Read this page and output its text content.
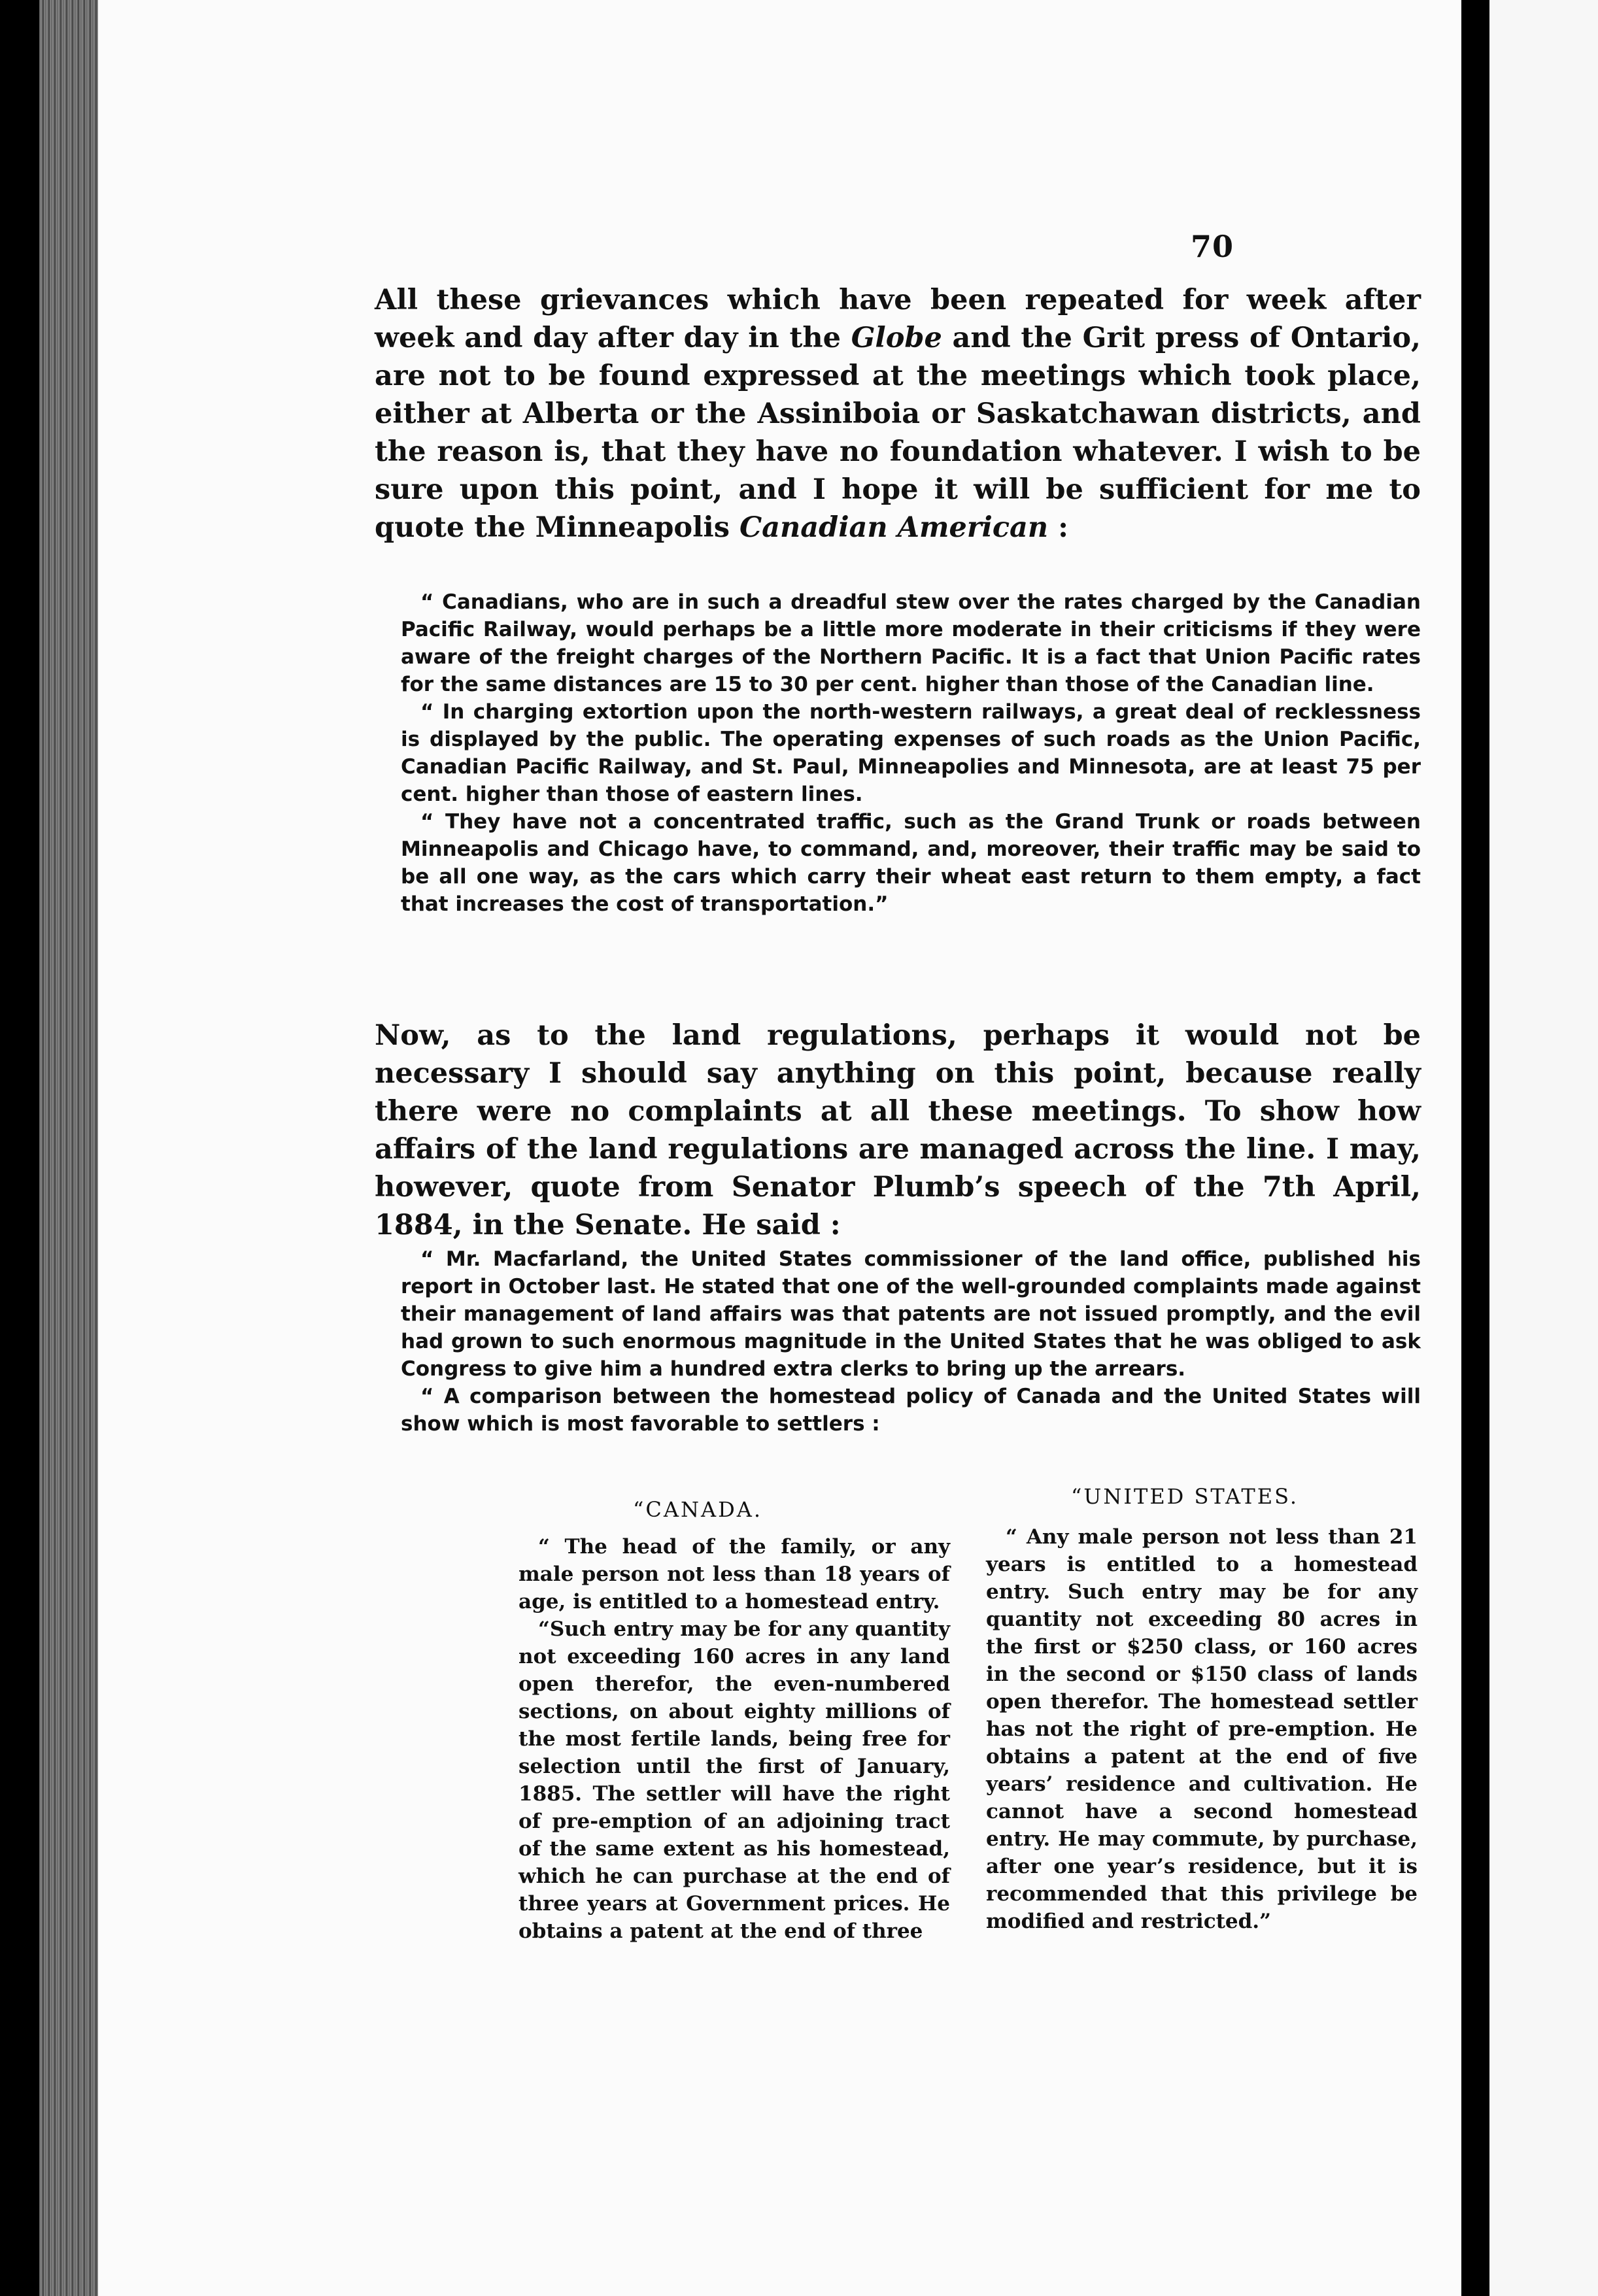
70
All these grievances which have been repeated for week after week and day after day in the Globe and the Grit press of Ontario, are not to be found expressed at the meetings which took place, either at Alberta or the Assiniboia or Saskatchawan districts, and the reason is, that they have no foundation whatever. I wish to be sure upon this point, and I hope it will be sufficient for me to quote the Minneapolis Canadian American :

“ Canadians, who are in such a dreadful stew over the rates charged by the Canadian Pacific Railway, would perhaps be a little more moderate in their criticisms if they were aware of the freight charges of the Northern Pacific. It is a fact that Union Pacific rates for the same distances are 15 to 30 per cent. higher than those of the Canadian line.

“ In charging extortion upon the north-western railways, a great deal of recklessness is displayed by the public. The operating expenses of such roads as the Union Pacific, Canadian Pacific Railway, and St. Paul, Minneapolies and Minnesota, are at least 75 per cent. higher than those of eastern lines.

“ They have not a concentrated traffic, such as the Grand Trunk or roads between Minneapolis and Chicago have, to command, and, moreover, their traffic may be said to be all one way, as the cars which carry their wheat east return to them empty, a fact that increases the cost of transportation.”

Now, as to the land regulations, perhaps it would not be necessary I should say anything on this point, because really there were no complaints at all these meetings. To show how affairs of the land regulations are managed across the line. I may, however, quote from Senator Plumb’s speech of the 7th April, 1884, in the Senate. He said :

“ Mr. Macfarland, the United States commissioner of the land office, published his report in October last. He stated that one of the well-grounded complaints made against their management of land affairs was that patents are not issued promptly, and the evil had grown to such enormous magnitude in the United States that he was obliged to ask Congress to give him a hundred extra clerks to bring up the arrears.

“ A comparison between the homestead policy of Canada and the United States will show which is most favorable to settlers :

“CANADA.
“UNITED STATES.

“ The head of the family, or any male person not less than 18 years of age, is entitled to a homestead entry.

“Such entry may be for any quantity not exceeding 160 acres in any land open therefor, the even-numbered sections, on about eighty millions of the most fertile lands, being free for selection until the first of January, 1885. The settler will have the right of pre-emption of an adjoining tract of the same extent as his homestead, which he can purchase at the end of three years at Government prices. He obtains a patent at the end of three

“ Any male person not less than 21 years is entitled to a homestead entry. Such entry may be for any quantity not exceeding 80 acres in the first or $250 class, or 160 acres in the second or $150 class of lands open therefor. The homestead settler has not the right of pre-emption. He obtains a patent at the end of five years’ residence and cultivation. He cannot have a second homestead entry. He may commute, by purchase, after one year’s residence, but it is recommended that this privilege be modified and restricted.”
